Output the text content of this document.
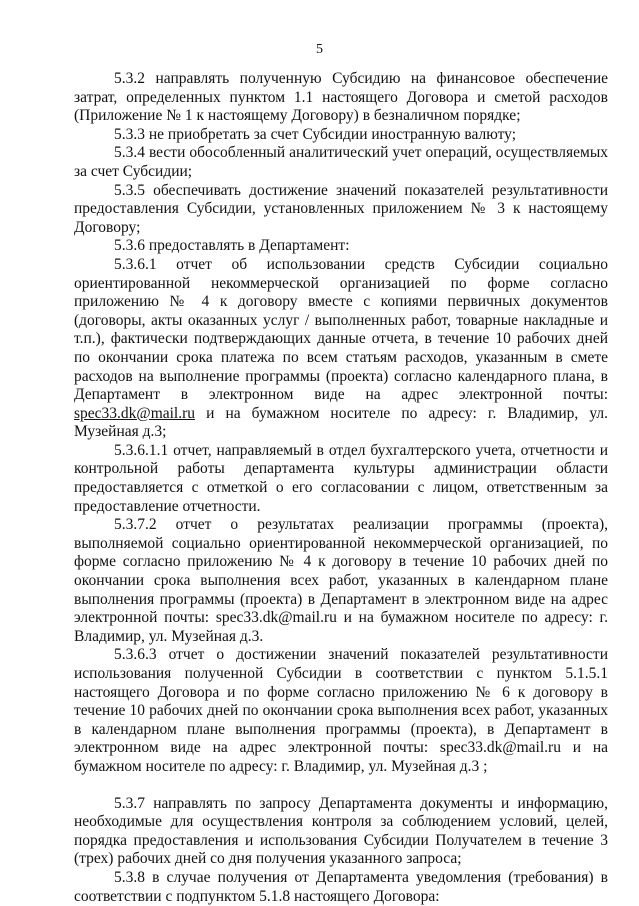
5

5.3.2 направлять полученную Субсидию на финансовое обеспечение затрат, определенных пунктом 1.1 настоящего Договора и сметой расходов (Приложение № 1 к настоящему Договору) в безналичном порядке;

5.3.3 не приобретать за счет Субсидии иностранную валюту;

5.3.4 вести обособленный аналитический учет операций, осуществляемых за счет Субсидии;

5.3.5 обеспечивать достижение значений показателей результативности предоставления Субсидии, установленных приложением № 3 к настоящему Договору;

5.3.6 предоставлять в Департамент:

5.3.6.1 отчет об использовании средств Субсидии социально ориентированной некоммерческой организацией по форме согласно приложению № 4 к договору вместе с копиями первичных документов (договоры, акты оказанных услуг / выполненных работ, товарные накладные и т.п.), фактически подтверждающих данные отчета, в течение 10 рабочих дней по окончании срока платежа по всем статьям расходов, указанным в смете расходов на выполнение программы (проекта) согласно календарного плана, в Департамент в электронном виде на адрес электронной почты: spec33.dk@mail.ru и на бумажном носителе по адресу: г. Владимир, ул. Музейная д.3;

5.3.6.1.1 отчет, направляемый в отдел бухгалтерского учета, отчетности и контрольной работы департамента культуры администрации области предоставляется с отметкой о его согласовании с лицом, ответственным за предоставление отчетности.

5.3.7.2 отчет о результатах реализации программы (проекта), выполняемой социально ориентированной некоммерческой организацией, по форме согласно приложению № 4 к договору в течение 10 рабочих дней по окончании срока выполнения всех работ, указанных в календарном плане выполнения программы (проекта) в Департамент в электронном виде на адрес электронной почты: spec33.dk@mail.ru и на бумажном носителе по адресу: г. Владимир, ул. Музейная д.3.

5.3.6.3 отчет о достижении значений показателей результативности использования полученной Субсидии в соответствии с пунктом 5.1.5.1 настоящего Договора и по форме согласно приложению № 6 к договору в течение 10 рабочих дней по окончании срока выполнения всех работ, указанных в календарном плане выполнения программы (проекта), в Департамент в электронном виде на адрес электронной почты: spec33.dk@mail.ru и на бумажном носителе по адресу: г. Владимир, ул. Музейная д.3 ;

5.3.7 направлять по запросу Департамента документы и информацию, необходимые для осуществления контроля за соблюдением условий, целей, порядка предоставления и использования Субсидии Получателем в течение 3 (трех) рабочих дней со дня получения указанного запроса;

5.3.8 в случае получения от Департамента уведомления (требования) в соответствии с подпунктом 5.1.8 настоящего Договора:
